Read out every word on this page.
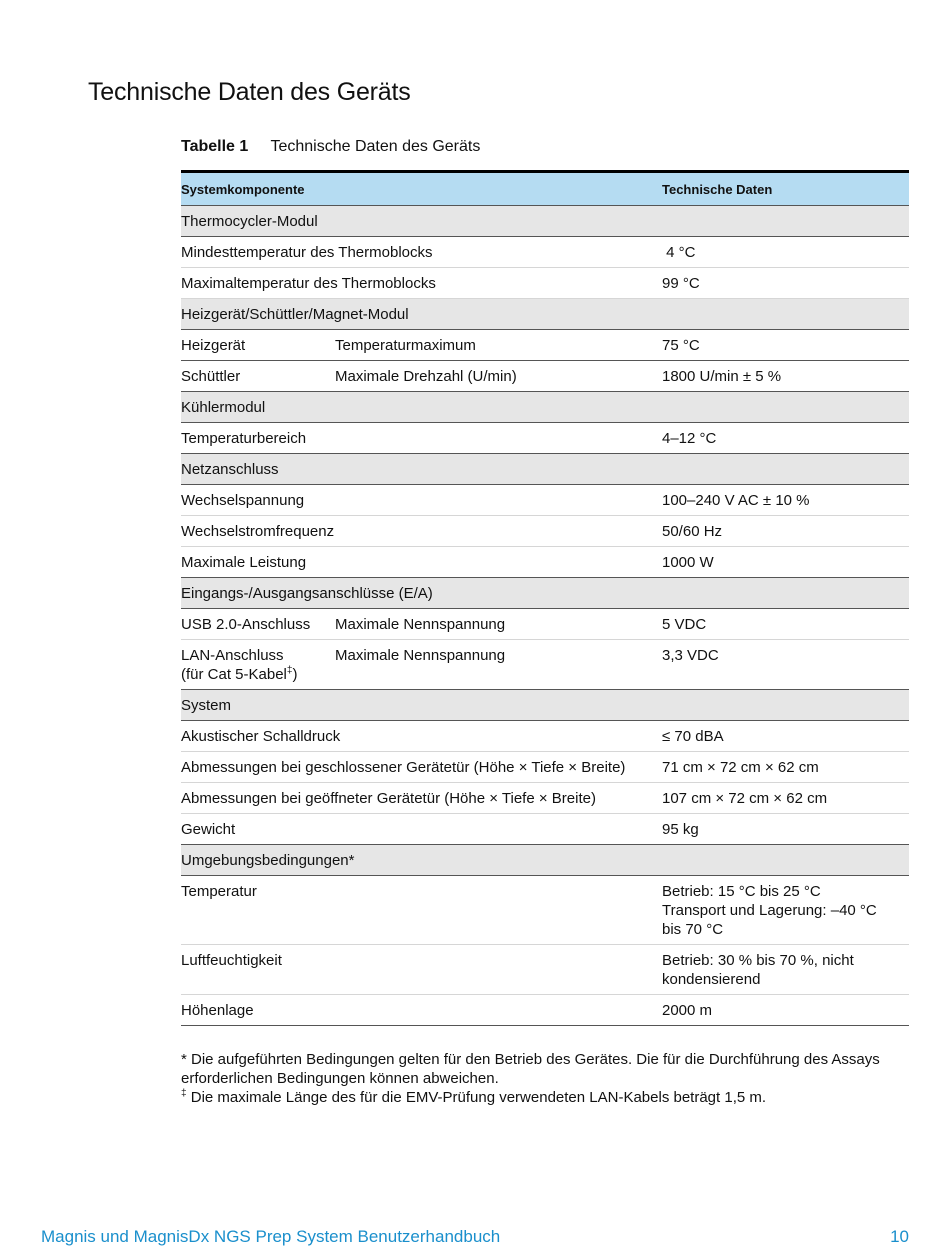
Technische Daten des Geräts
Tabelle 1 Technische Daten des Geräts
Systemkomponente		Technische Daten
Thermocycler-Modul		
Mindesttemperatur des Thermoblocks		4 °C
Maximaltemperatur des Thermoblocks		99 °C
Heizgerät/Schüttler/Magnet-Modul		
Heizgerät	Temperaturmaximum	75 °C
Schüttler	Maximale Drehzahl (U/min)	1800 U/min ± 5 %
Kühlermodul		
Temperaturbereich		4–12 °C
Netzanschluss		
Wechselspannung		100–240 V AC ± 10 %
Wechselstromfrequenz		50/60 Hz
Maximale Leistung		1000 W
Eingangs-/Ausgangsanschlüsse (E/A)		
USB 2.0-Anschluss	Maximale Nennspannung	5 VDC
LAN-Anschluss
(für Cat 5-Kabel‡)	Maximale Nennspannung	3,3 VDC
System		
Akustischer Schalldruck		≤ 70 dBA
Abmessungen bei geschlossener Gerätetür (Höhe × Tiefe × Breite)		71 cm × 72 cm × 62 cm
Abmessungen bei geöffneter Gerätetür (Höhe × Tiefe × Breite)		107 cm × 72 cm × 62 cm
Gewicht		95 kg
Umgebungsbedingungen*		
Temperatur		Betrieb: 15 °C bis 25 °C
Transport und Lagerung: –40 °C
bis 70 °C
Luftfeuchtigkeit		Betrieb: 30 % bis 70 %, nicht
kondensierend
Höhenlage		2000 m

* Die aufgeführten Bedingungen gelten für den Betrieb des Gerätes. Die für die Durchführung des Assays
erforderlichen Bedingungen können abweichen.

‡ Die maximale Länge des für die EMV-Prüfung verwendeten LAN-Kabels beträgt 1,5 m.

Magnis und MagnisDx NGS Prep System Benutzerhandbuch	10
